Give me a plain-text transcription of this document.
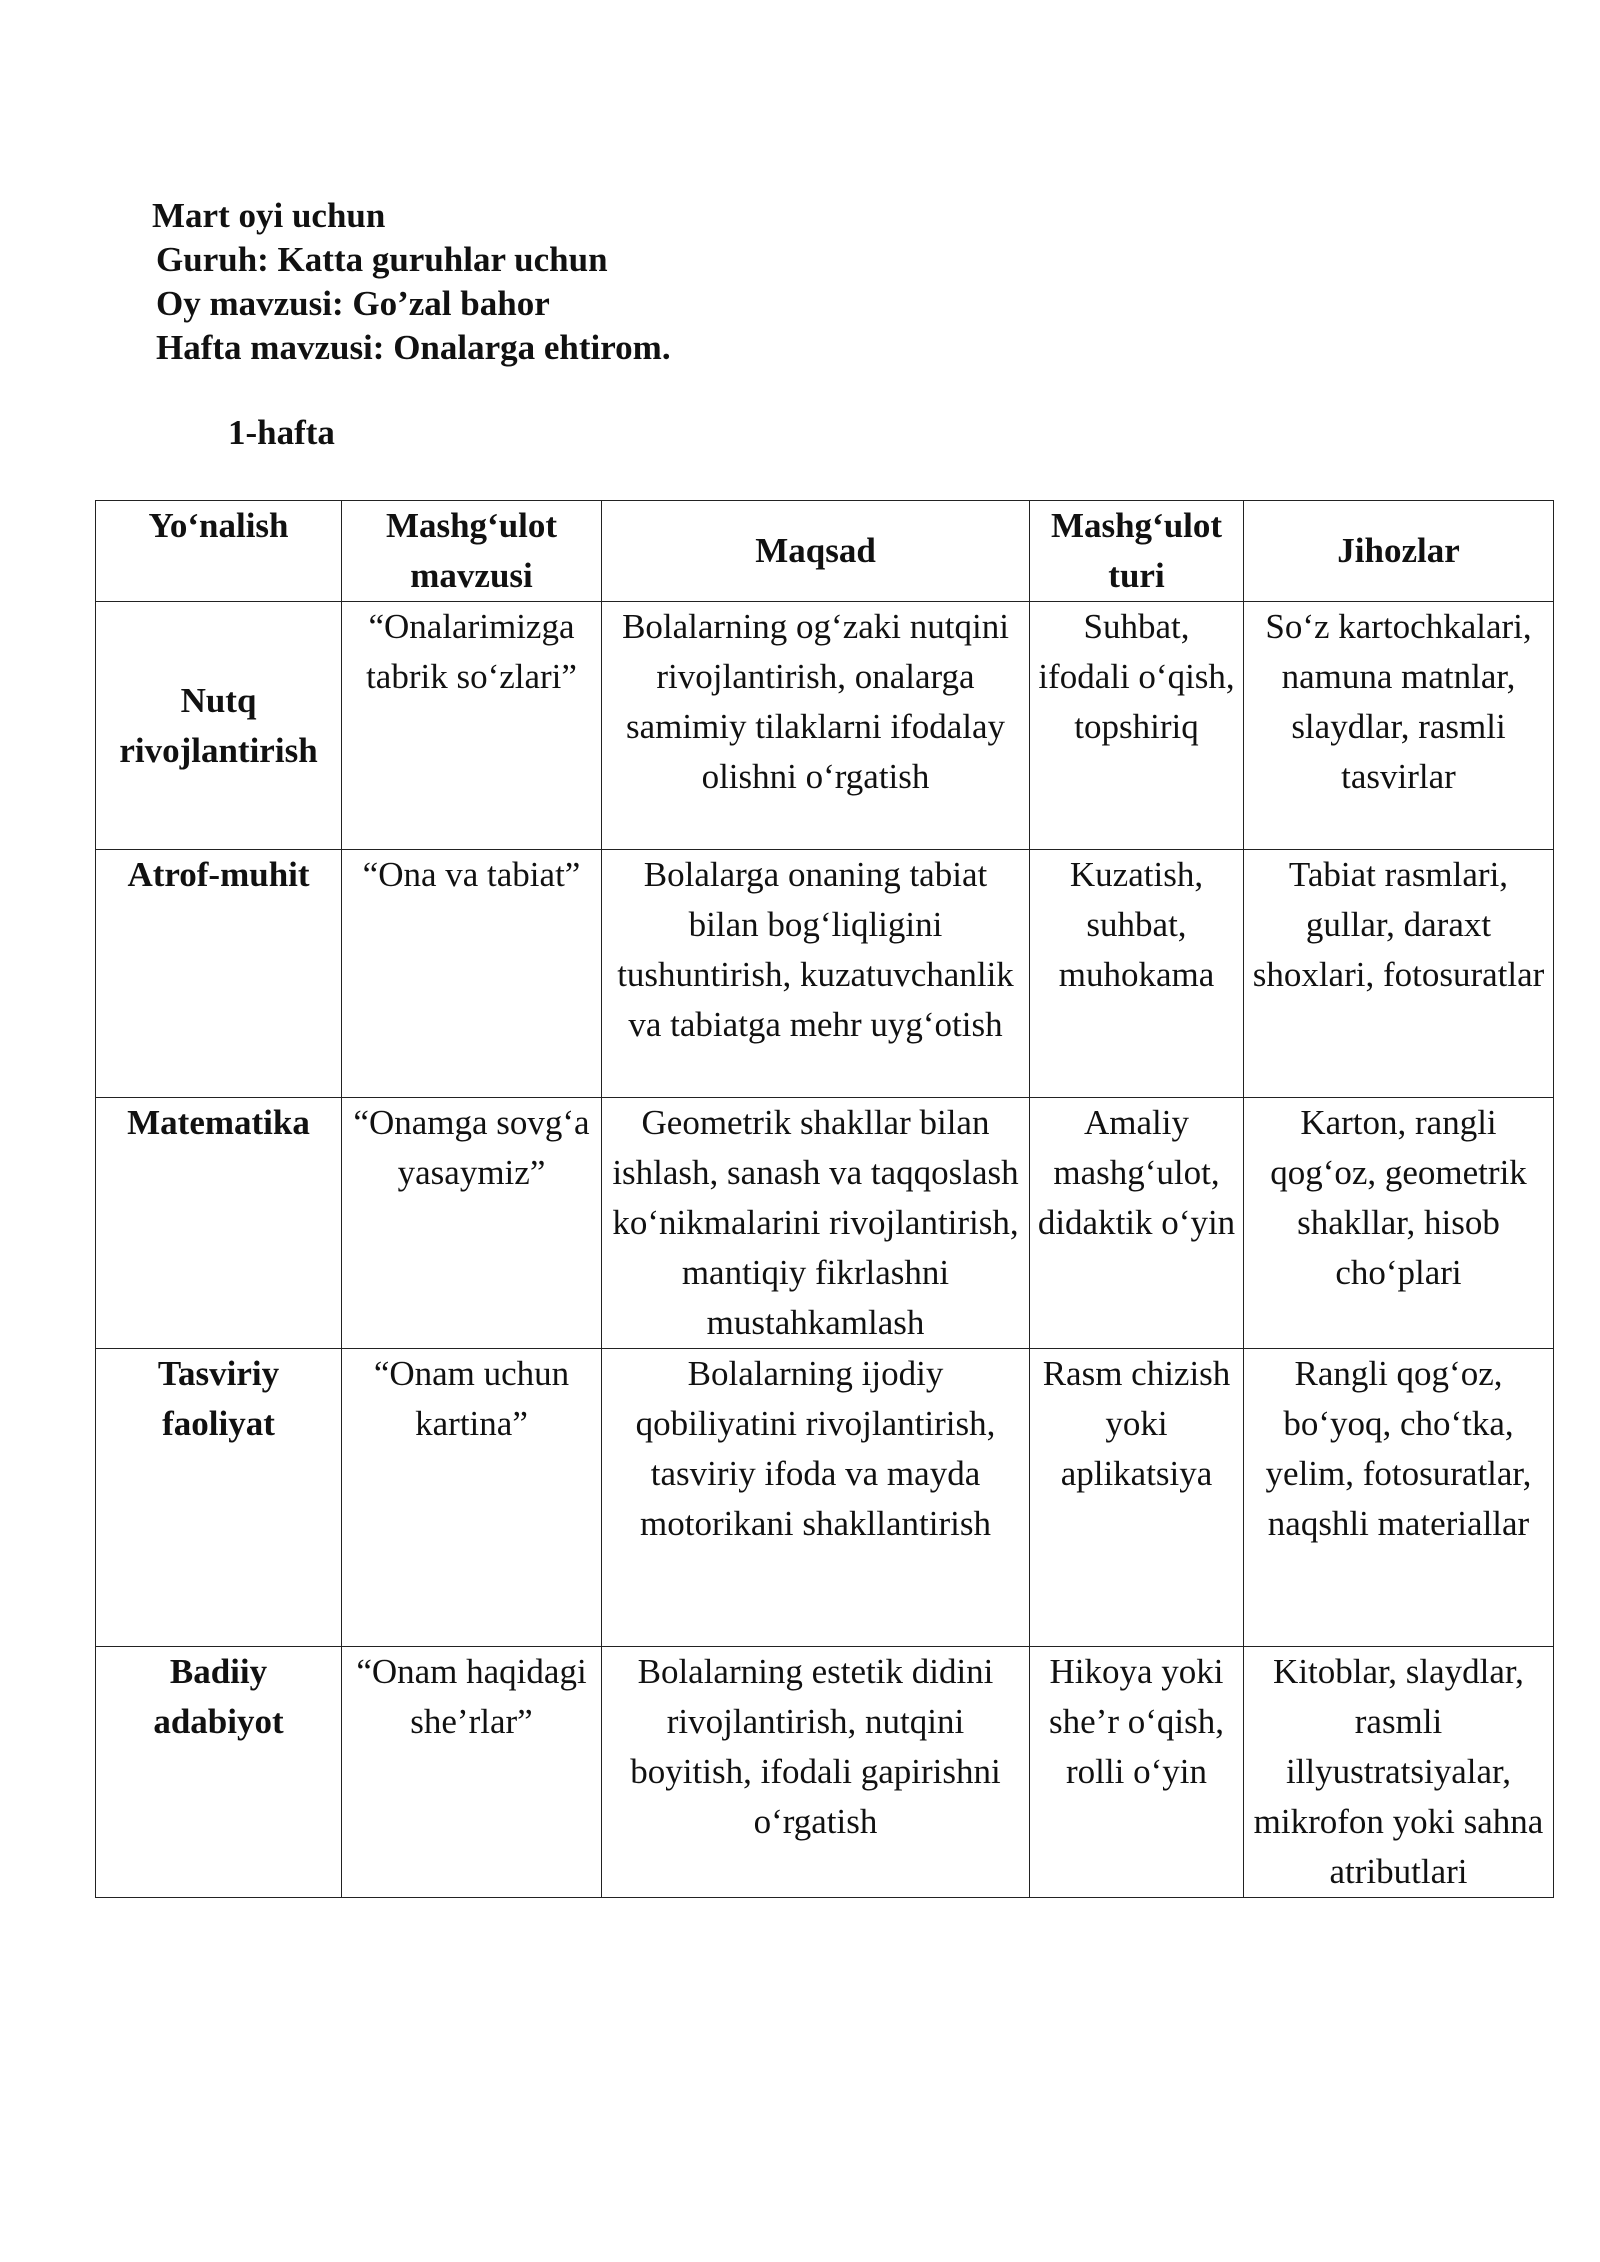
Mart oyi uchun
Guruh: Katta guruhlar uchun
Oy mavzusi: Go’zal bahor
Hafta mavzusi: Onalarga ehtirom.
1-hafta
Yo‘nalish	Mashg‘ulot mavzusi	Maqsad	Mashg‘ulot turi	Jihozlar
Nutq rivojlantirish	“Onalarimizga tabrik so‘zlari”	Bolalarning og‘zaki nutqini rivojlantirish, onalarga samimiy tilaklarni ifodalay olishni o‘rgatish	Suhbat, ifodali o‘qish, topshiriq	So‘z kartochkalari, namuna matnlar, slaydlar, rasmli tasvirlar
Atrof-muhit	“Ona va tabiat”	Bolalarga onaning tabiat bilan bog‘liqligini tushuntirish, kuzatuvchanlik va tabiatga mehr uyg‘otish	Kuzatish, suhbat, muhokama	Tabiat rasmlari, gullar, daraxt shoxlari, fotosuratlar
Matematika	“Onamga sovg‘a yasaymiz”	Geometrik shakllar bilan ishlash, sanash va taqqoslash ko‘nikmalarini rivojlantirish, mantiqiy fikrlashni mustahkamlash	Amaliy mashg‘ulot, didaktik o‘yin	Karton, rangli qog‘oz, geometrik shakllar, hisob cho‘plari
Tasviriy faoliyat	“Onam uchun kartina”	Bolalarning ijodiy qobiliyatini rivojlantirish, tasviriy ifoda va mayda motorikani shakllantirish	Rasm chizish yoki aplikatsiya	Rangli qog‘oz, bo‘yoq, cho‘tka, yelim, fotosuratlar, naqshli materiallar
Badiiy adabiyot	“Onam haqidagi she’rlar”	Bolalarning estetik didini rivojlantirish, nutqini boyitish, ifodali gapirishni o‘rgatish	Hikoya yoki she’r o‘qish, rolli o‘yin	Kitoblar, slaydlar, rasmli illyustratsiyalar, mikrofon yoki sahna atributlari
